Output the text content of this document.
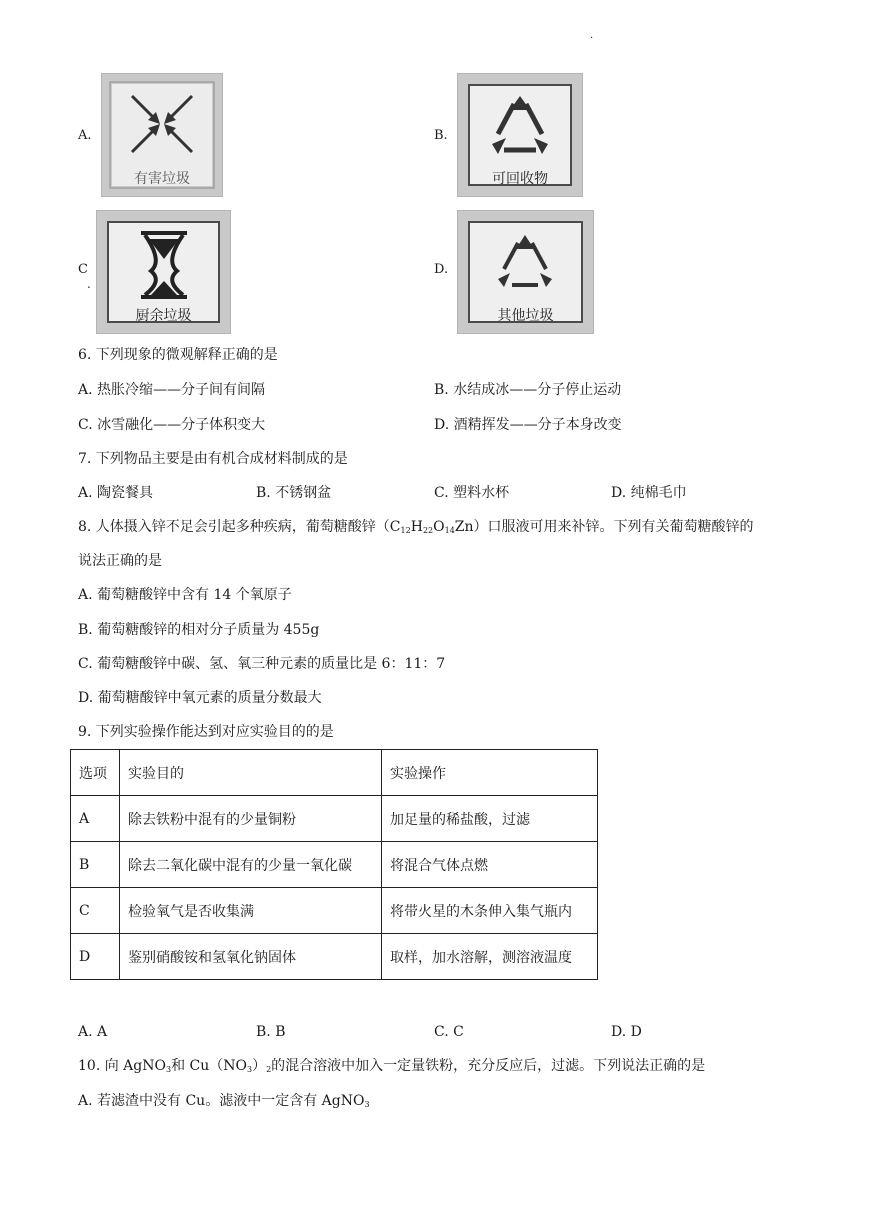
.
A.
有害垃圾
B.
可回收物
C
.
厨余垃圾
D.
其他垃圾
6. 下列现象的微观解释正确的是
A. 热胀冷缩——分子间有间隔	B. 水结成冰——分子停止运动
C. 冰雪融化——分子体积变大	D. 酒精挥发——分子本身改变
7. 下列物品主要是由有机合成材料制成的是
A. 陶瓷餐具	B. 不锈钢盆	C. 塑料水杯	D. 纯棉毛巾
8. 人体摄入锌不足会引起多种疾病，葡萄糖酸锌$(C_{12}H_{22}O_{14}Zn)$口服液可用来补锌。下列有关葡萄糖酸锌的
说法正确的是
A. 葡萄糖酸锌中含有 14 个氧原子
B. 葡萄糖酸锌的相对分子质量为 455g
C. 葡萄糖酸锌中碳、氢、氧三种元素的质量比是 6：11：7
D. 葡萄糖酸锌中氧元素的质量分数最大
9. 下列实验操作能达到对应实验目的的是
选项	实验目的	实验操作
A	除去铁粉中混有的少量铜粉	加足量的稀盐酸，过滤
B	除去二氧化碳中混有的少量一氧化碳	将混合气体点燃
C	检验氧气是否收集满	将带火星的木条伸入集气瓶内
D	鉴别硝酸铵和氢氧化钠固体	取样，加水溶解，测溶液温度
A. A	B. B	C. C	D. D
10. 向 AgNO$_3$和 $Cu(NO_3)_2$的混合溶液中加入一定量铁粉，充分反应后，过滤。下列说法正确的是
A. 若滤渣中没有 Cu。滤液中一定含有 AgNO$_3$
